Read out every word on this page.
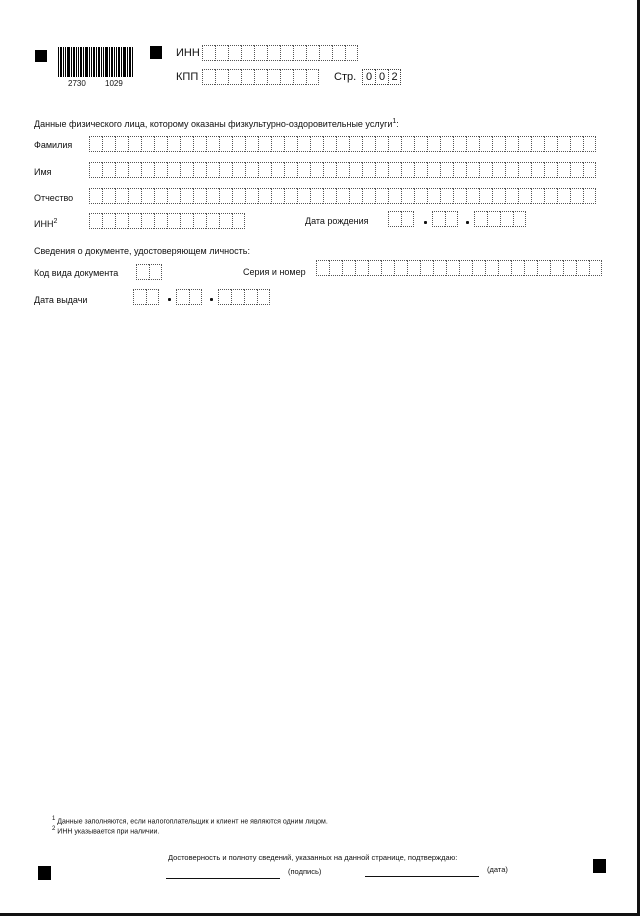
2730 1029
ИНН
КПП	Стр. 0 0 2
Данные физического лица, которому оказаны физкультурно-оздоровительные услуги$^1$:
Фамилия
Имя
Отчество
ИНН$^2$	Дата рождения
Сведения о документе, удостоверяющем личность:
Код вида документа	Серия и номер
Дата выдачи
$^1$ Данные заполняются, если налогоплательщик и клиент не являются одним лицом.
$^2$ ИНН указывается при наличии.
Достоверность и полноту сведений, указанных на данной странице, подтверждаю:
(подпись)	(дата)
